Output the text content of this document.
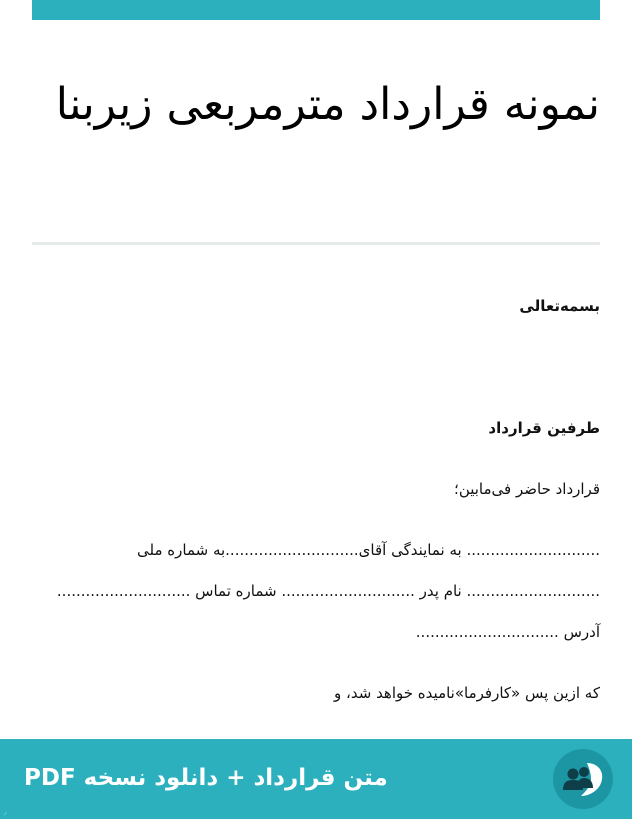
نمونه قرارداد مترمربعی زیربنا
بسمه‌تعالی
طرفین قرارداد
قرارداد حاضر فی‌مابین؛
............................ به نمایندگی آقای............................به شماره ملی
............................ نام پدر ............................ شماره تماس ............................
آدرس ..............................
که ازین پس «کارفرما»نامیده خواهد شد، و
متن قرارداد + دانلود نسخه PDF
٫
